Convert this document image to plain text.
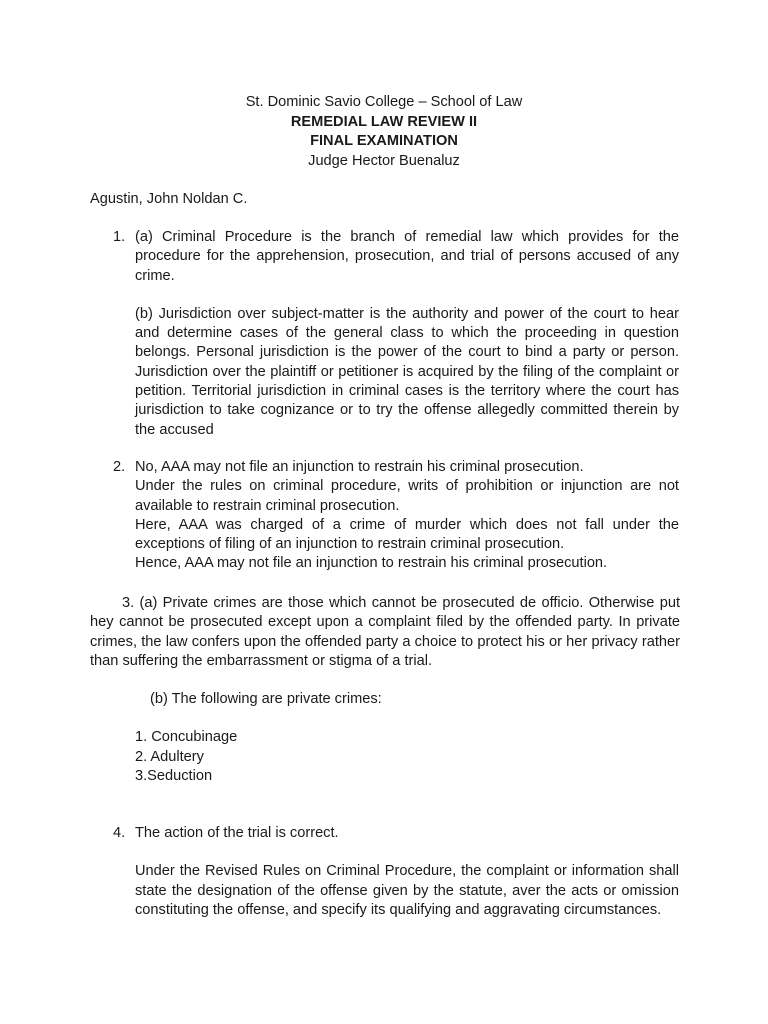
St. Dominic Savio College – School of Law
REMEDIAL LAW REVIEW II
FINAL EXAMINATION
Judge Hector Buenaluz
Agustin, John Noldan C.
1. (a) Criminal Procedure is the branch of remedial law which provides for the procedure for the apprehension, prosecution, and trial of persons accused of any crime.

(b) Jurisdiction over subject-matter is the authority and power of the court to hear and determine cases of the general class to which the proceeding in question belongs. Personal jurisdiction is the power of the court to bind a party or person. Jurisdiction over the plaintiff or petitioner is acquired by the filing of the complaint or petition. Territorial jurisdiction in criminal cases is the territory where the court has jurisdiction to take cognizance or to try the offense allegedly committed therein by the accused

2. No, AAA may not file an injunction to restrain his criminal prosecution.

Under the rules on criminal procedure, writs of prohibition or injunction are not available to restrain criminal prosecution.

Here, AAA was charged of a crime of murder which does not fall under the exceptions of filing of an injunction to restrain criminal prosecution.

Hence, AAA may not file an injunction to restrain his criminal prosecution.

3. (a) Private crimes are those which cannot be prosecuted de officio. Otherwise put hey cannot be prosecuted except upon a complaint filed by the offended party. In private crimes, the law confers upon the offended party a choice to protect his or her privacy rather than suffering the embarrassment or stigma of a trial.

(b) The following are private crimes:

1. Concubinage
2. Adultery
3.Seduction
4. The action of the trial is correct.

Under the Revised Rules on Criminal Procedure, the complaint or information shall state the designation of the offense given by the statute, aver the acts or omission constituting the offense, and specify its qualifying and aggravating circumstances.
